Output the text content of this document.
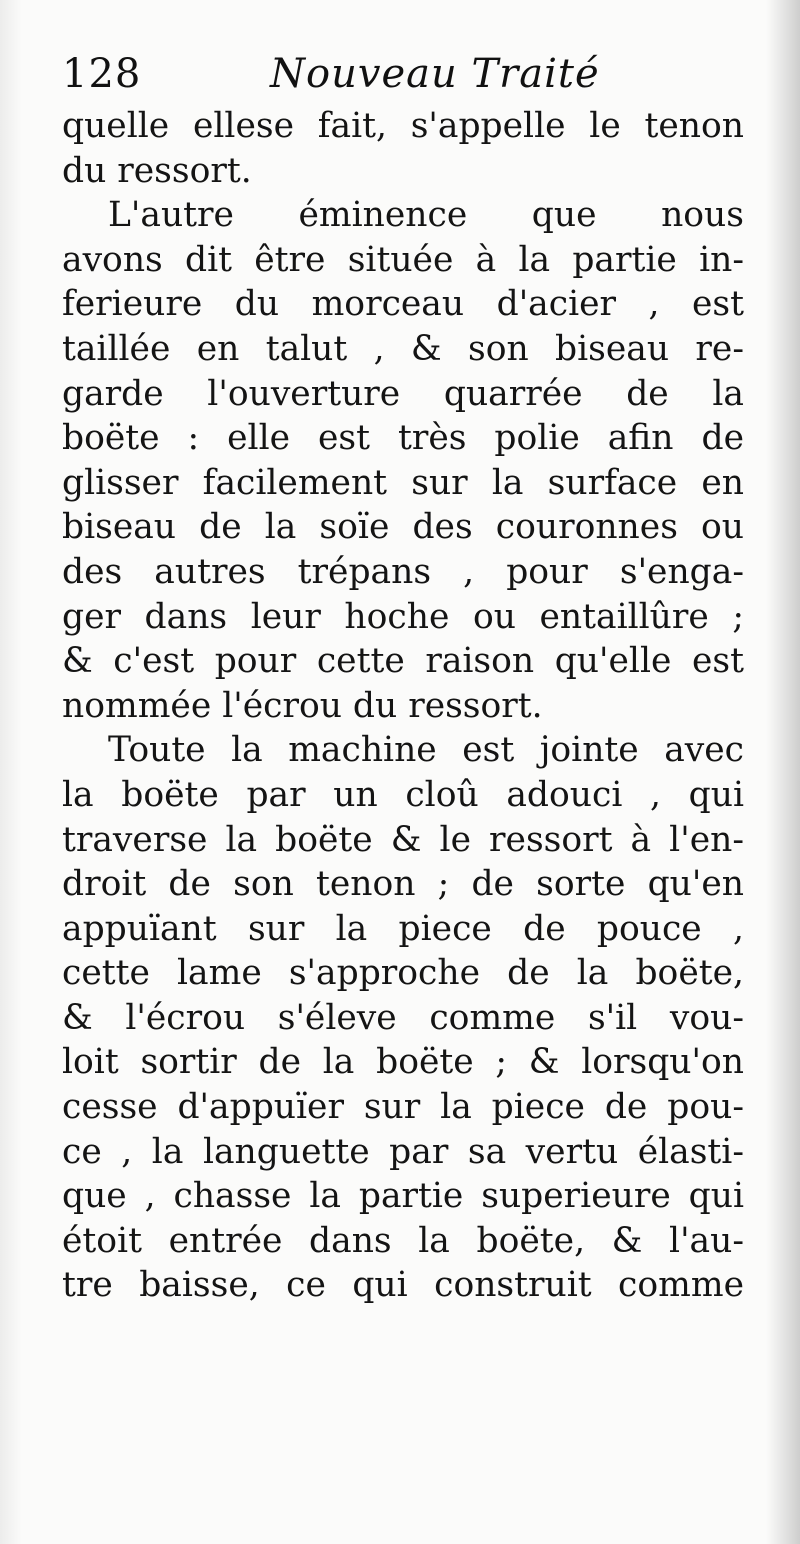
128	Nouveau Traité
quelle ellese fait, s'appelle le tenon
du ressort.
L'autre éminence que nous
avons dit être située à la partie in-
ferieure du morceau d'acier , est
taillée en talut , & son biseau re-
garde l'ouverture quarrée de la
boëte : elle est très polie afin de
glisser facilement sur la surface en
biseau de la soïe des couronnes ou
des autres trépans , pour s'enga-
ger dans leur hoche ou entaillûre ;
& c'est pour cette raison qu'elle est
nommée l'écrou du ressort.
Toute la machine est jointe avec
la boëte par un cloû adouci , qui
traverse la boëte & le ressort à l'en-
droit de son tenon ; de sorte qu'en
appuïant sur la piece de pouce ,
cette lame s'approche de la boëte,
& l'écrou s'éleve comme s'il vou-
loit sortir de la boëte ; & lorsqu'on
cesse d'appuïer sur la piece de pou-
ce , la languette par sa vertu élasti-
que , chasse la partie superieure qui
étoit entrée dans la boëte, & l'au-
tre baisse, ce qui construit comme
